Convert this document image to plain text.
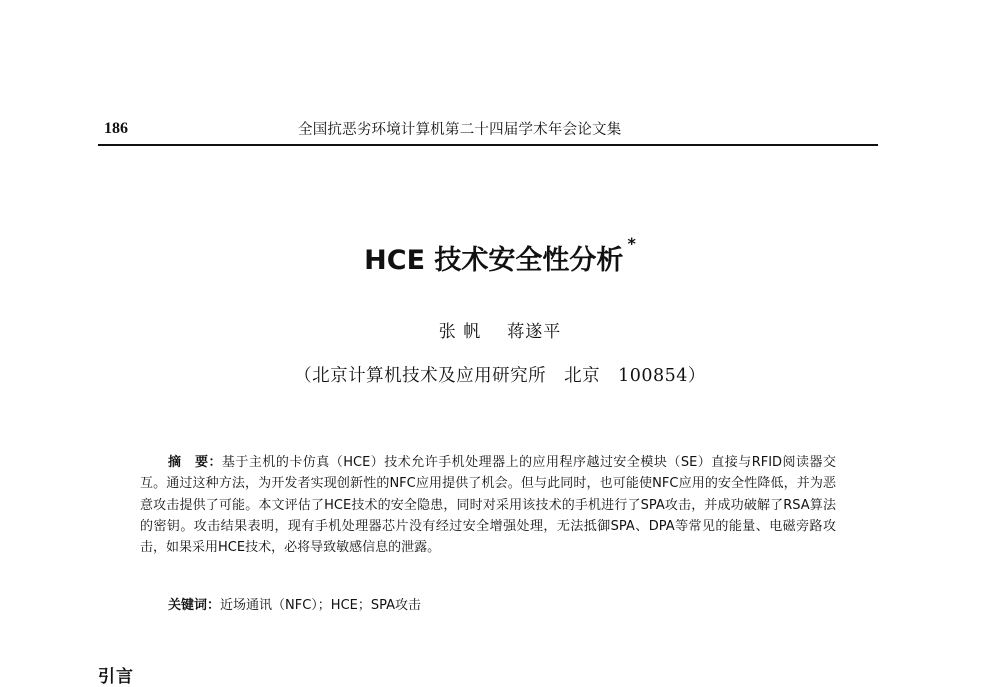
186	全国抗恶劣环境计算机第二十四届学术年会论文集
HCE 技术安全性分析*
张 帆 蒋遂平
（北京计算机技术及应用研究所　北京　100854）

摘　要：基于主机的卡仿真（HCE）技术允许手机处理器上的应用程序越过安全模块（SE）直接与RFID阅读器交互。通过这种方法，为开发者实现创新性的NFC应用提供了机会。但与此同时，也可能使NFC应用的安全性降低，并为恶意攻击提供了可能。本文评估了HCE技术的安全隐患，同时对采用该技术的手机进行了SPA攻击，并成功破解了RSA算法的密钥。攻击结果表明，现有手机处理器芯片没有经过安全增强处理，无法抵御SPA、DPA等常见的能量、电磁旁路攻击，如果采用HCE技术，必将导致敏感信息的泄露。

关键词：近场通讯（NFC）；HCE；SPA攻击
引言
